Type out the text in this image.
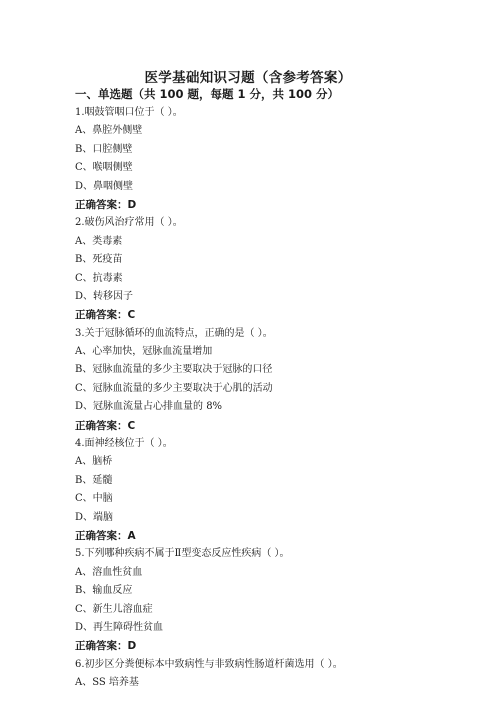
医学基础知识习题（含参考答案）
一、单选题（共 100 题，每题 1 分，共 100 分）
1.咽鼓管咽口位于（ ）。
A、鼻腔外侧壁
B、口腔侧壁
C、喉咽侧壁
D、鼻咽侧壁
正确答案：D
2.破伤风治疗常用（ ）。
A、类毒素
B、死疫苗
C、抗毒素
D、转移因子
正确答案：C
3.关于冠脉循环的血流特点，正确的是（ ）。
A、心率加快，冠脉血流量增加
B、冠脉血流量的多少主要取决于冠脉的口径
C、冠脉血流量的多少主要取决于心肌的活动
D、冠脉血流量占心排血量的 8%
正确答案：C
4.面神经核位于（ ）。
A、脑桥
B、延髓
C、中脑
D、端脑
正确答案：A
5.下列哪种疾病不属于Ⅱ型变态反应性疾病（ ）。
A、溶血性贫血
B、输血反应
C、新生儿溶血症
D、再生障碍性贫血
正确答案：D
6.初步区分粪便标本中致病性与非致病性肠道杆菌选用（ ）。
A、SS 培养基
